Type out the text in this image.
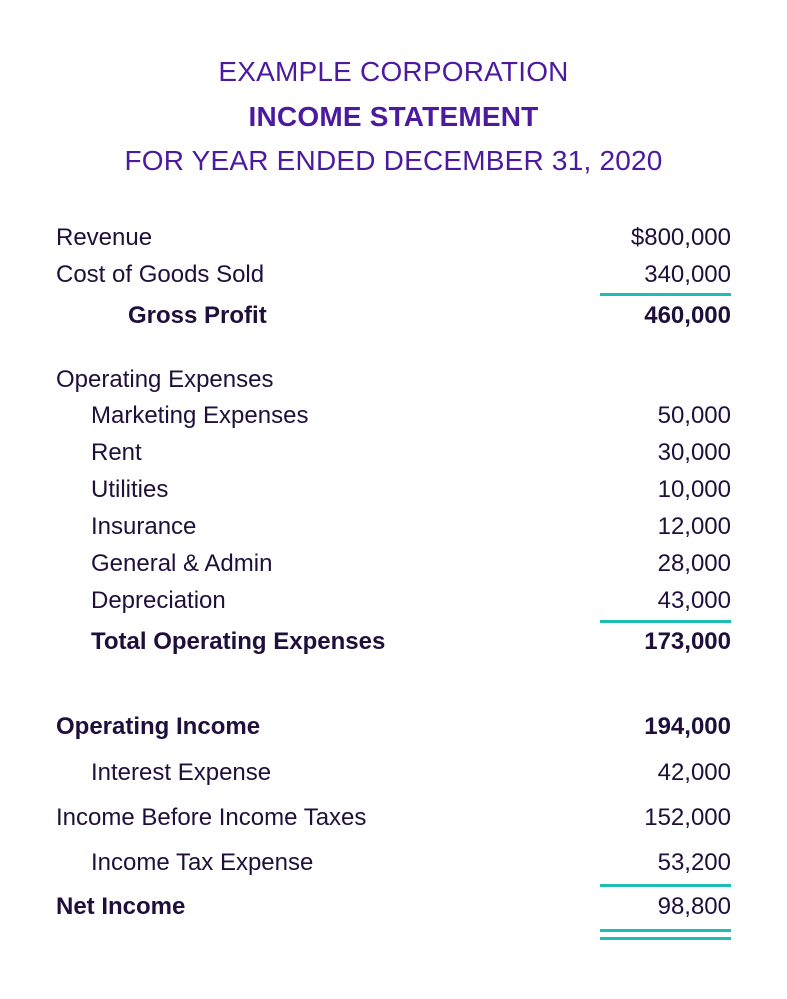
EXAMPLE CORPORATION
INCOME STATEMENT
FOR YEAR ENDED DECEMBER 31, 2020
Revenue	$800,000
Cost of Goods Sold	340,000
Gross Profit	460,000
Operating Expenses
Marketing Expenses	50,000
Rent	30,000
Utilities	10,000
Insurance	12,000
General & Admin	28,000
Depreciation	43,000
Total Operating Expenses	173,000
Operating Income	194,000
Interest Expense	42,000
Income Before Income Taxes	152,000
Income Tax Expense	53,200
Net Income	98,800
